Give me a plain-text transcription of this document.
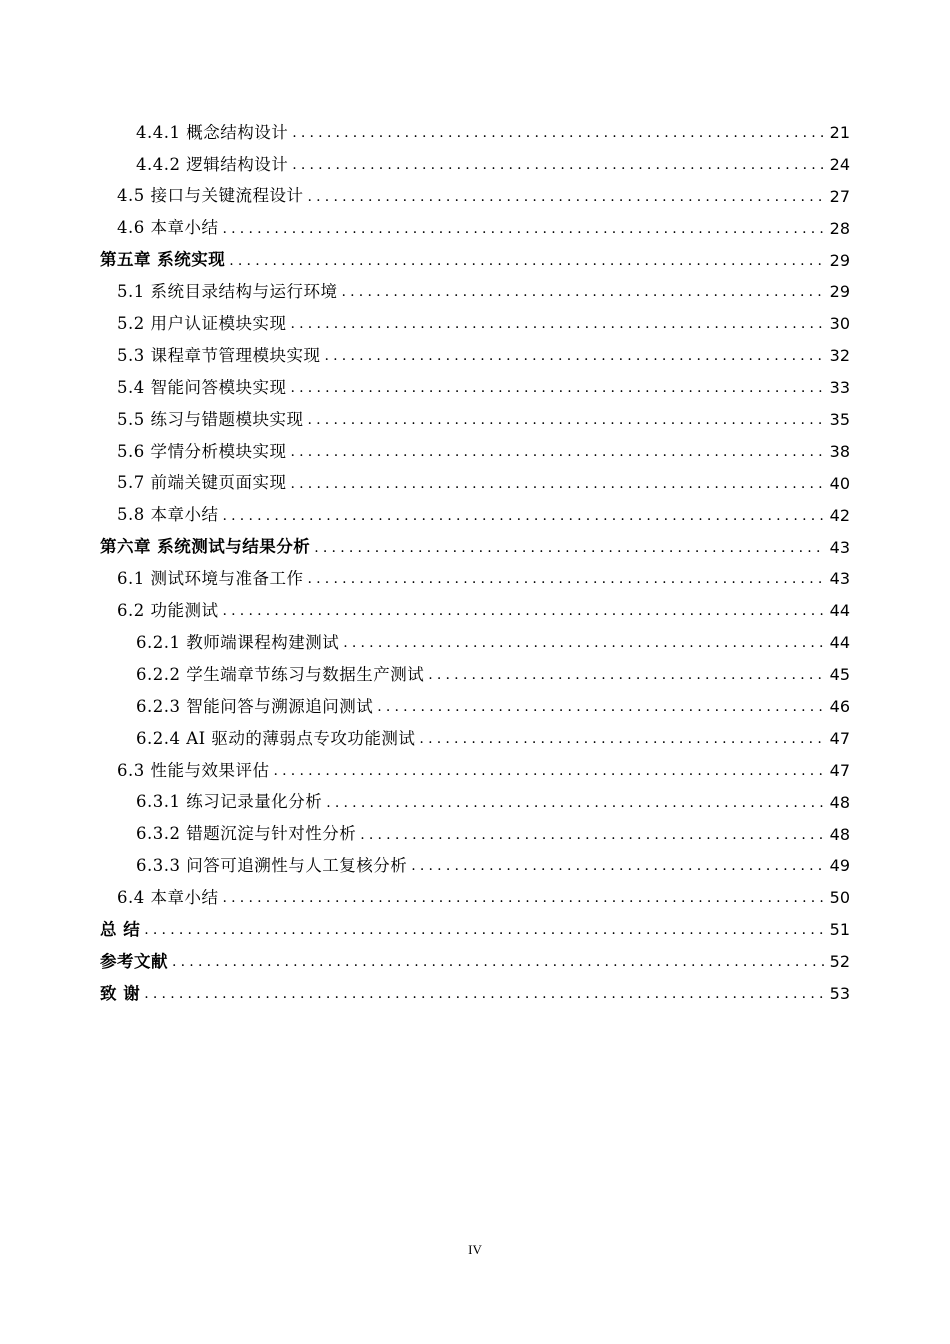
4.4.1 概念结构设计 .....	21
4.4.2 逻辑结构设计 .....	24
4.5 接口与关键流程设计 .....	27
4.6 本章小结 .....	28
第五章 系统实现 .....	29
5.1 系统目录结构与运行环境 .....	29
5.2 用户认证模块实现 .....	30
5.3 课程章节管理模块实现 .....	32
5.4 智能问答模块实现 .....	33
5.5 练习与错题模块实现 .....	35
5.6 学情分析模块实现 .....	38
5.7 前端关键页面实现 .....	40
5.8 本章小结 .....	42
第六章 系统测试与结果分析 .....	43
6.1 测试环境与准备工作 .....	43
6.2 功能测试 .....	44
6.2.1 教师端课程构建测试 .....	44
6.2.2 学生端章节练习与数据生产测试 .....	45
6.2.3 智能问答与溯源追问测试 .....	46
6.2.4 AI 驱动的薄弱点专攻功能测试 .....	47
6.3 性能与效果评估 .....	47
6.3.1 练习记录量化分析 .....	48
6.3.2 错题沉淀与针对性分析 .....	48
6.3.3 问答可追溯性与人工复核分析 .....	49
6.4 本章小结 .....	50
总 结 .....	51
参考文献 .....	52
致 谢 .....	53
IV
